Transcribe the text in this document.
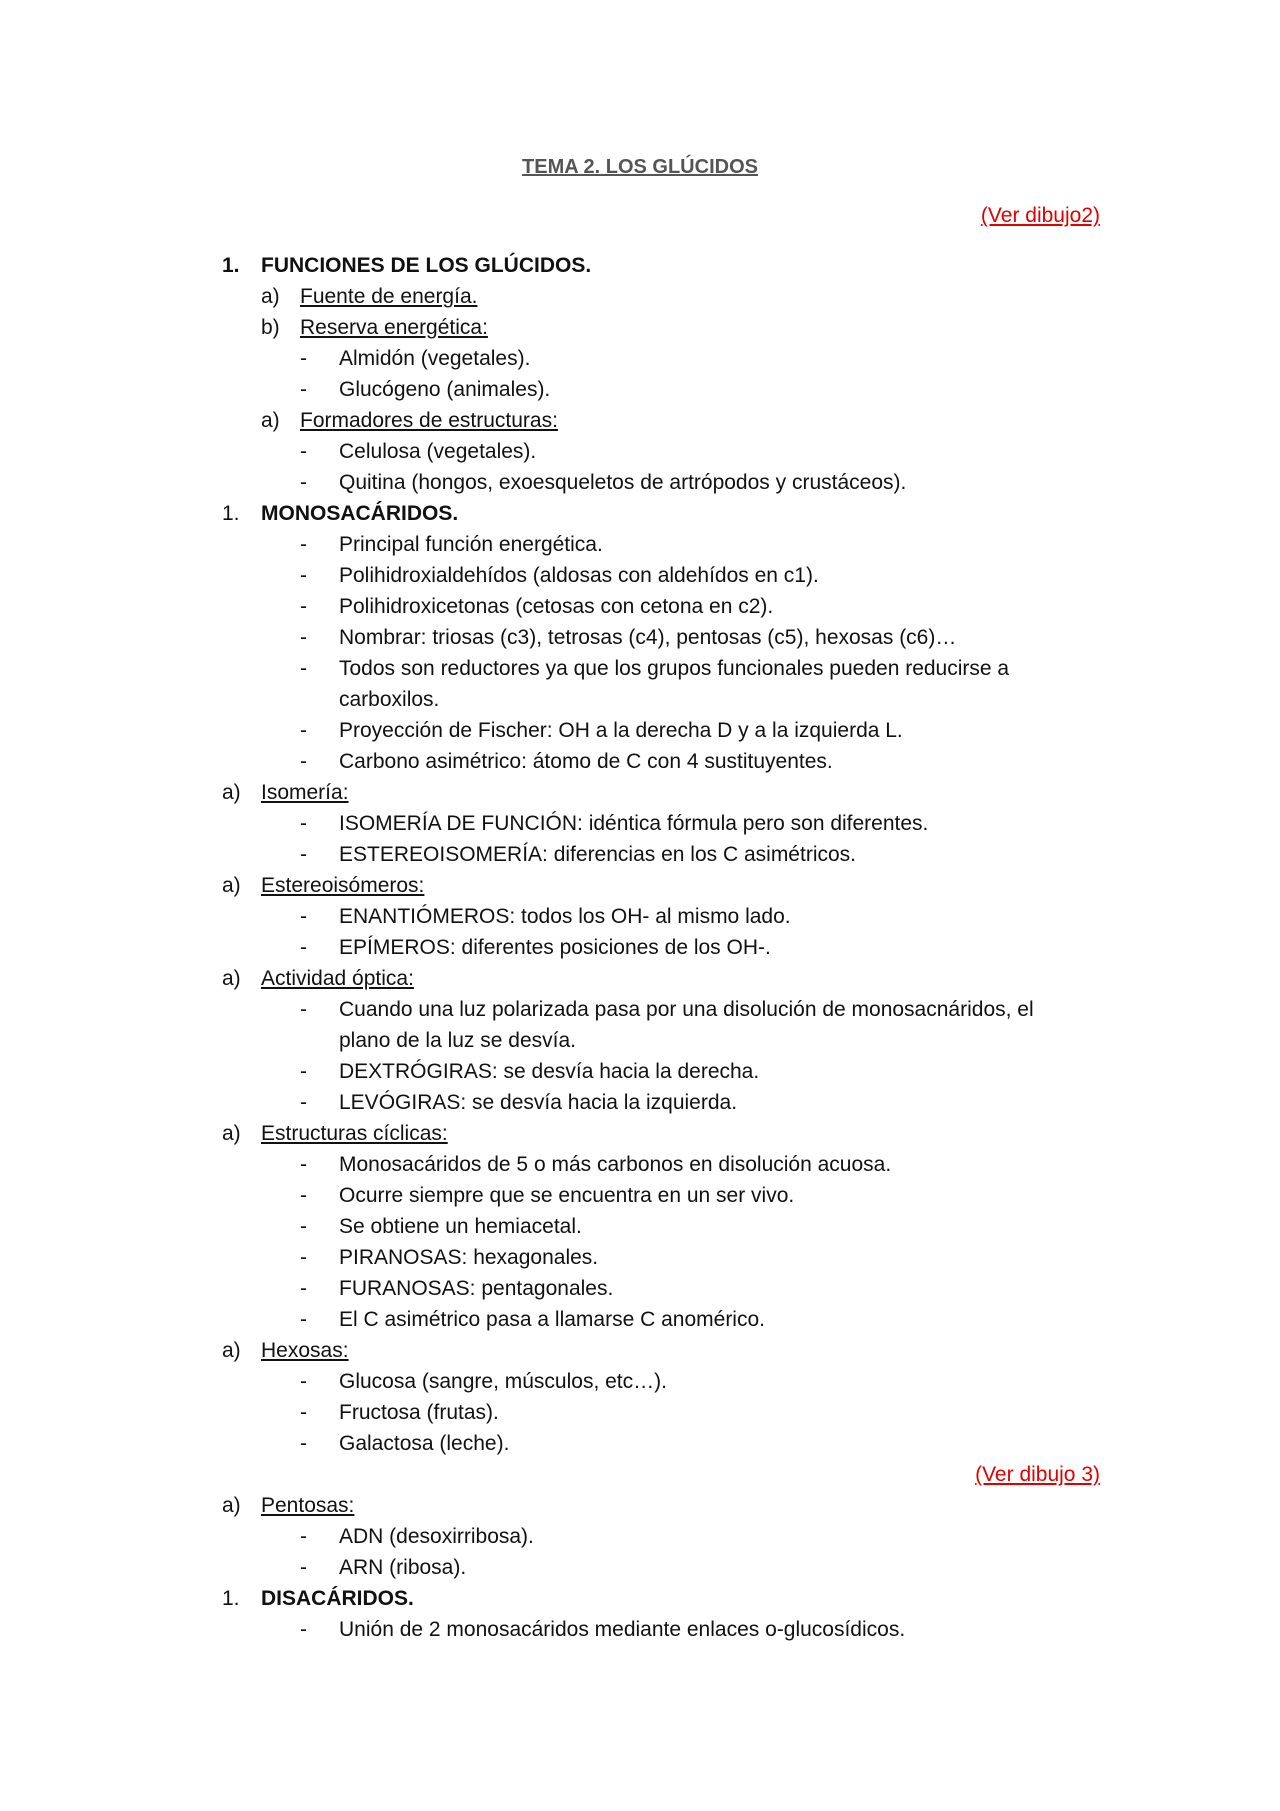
TEMA 2. LOS GLÚCIDOS
(Ver dibujo2)
1. FUNCIONES DE LOS GLÚCIDOS.
a) Fuente de energía.
b) Reserva energética:
- Almidón (vegetales).
- Glucógeno (animales).
a) Formadores de estructuras:
- Celulosa (vegetales).
- Quitina (hongos, exoesqueletos de artrópodos y crustáceos).
1. MONOSACÁRIDOS.
- Principal función energética.
- Polihidroxialdehídos (aldosas con aldehídos en c1).
- Polihidroxicetonas (cetosas con cetona en c2).
- Nombrar: triosas (c3), tetrosas (c4), pentosas (c5), hexosas (c6)…
- Todos son reductores ya que los grupos funcionales pueden reducirse a
carboxilos.
- Proyección de Fischer: OH a la derecha D y a la izquierda L.
- Carbono asimétrico: átomo de C con 4 sustituyentes.
a) Isomería:
- ISOMERÍA DE FUNCIÓN: idéntica fórmula pero son diferentes.
- ESTEREOISOMERÍA: diferencias en los C asimétricos.
a) Estereoisómeros:
- ENANTIÓMEROS: todos los OH- al mismo lado.
- EPÍMEROS: diferentes posiciones de los OH-.
a) Actividad óptica:
- Cuando una luz polarizada pasa por una disolución de monosacnáridos, el
plano de la luz se desvía.
- DEXTRÓGIRAS: se desvía hacia la derecha.
- LEVÓGIRAS: se desvía hacia la izquierda.
a) Estructuras cíclicas:
- Monosacáridos de 5 o más carbonos en disolución acuosa.
- Ocurre siempre que se encuentra en un ser vivo.
- Se obtiene un hemiacetal.
- PIRANOSAS: hexagonales.
- FURANOSAS: pentagonales.
- El C asimétrico pasa a llamarse C anomérico.
a) Hexosas:
- Glucosa (sangre, músculos, etc…).
- Fructosa (frutas).
- Galactosa (leche).
(Ver dibujo 3)
a) Pentosas:
- ADN (desoxirribosa).
- ARN (ribosa).
1. DISACÁRIDOS.
- Unión de 2 monosacáridos mediante enlaces o-glucosídicos.
